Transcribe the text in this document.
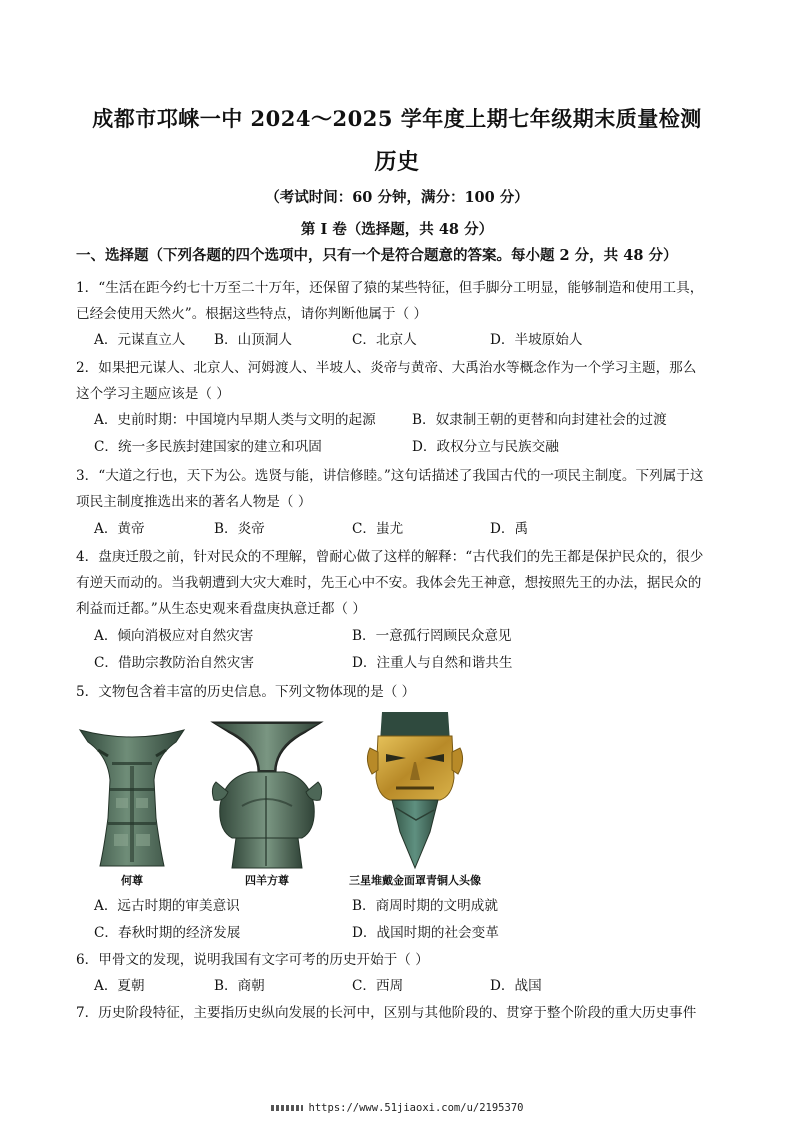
成都市邛崃一中 2024～2025 学年度上期七年级期末质量检测
历史
（考试时间：60 分钟，满分：100 分）
第 I 卷（选择题，共 48 分）
一、选择题（下列各题的四个选项中，只有一个是符合题意的答案。每小题 2 分，共 48 分）
1．“生活在距今约七十万至二十万年，还保留了猿的某些特征，但手脚分工明显，能够制造和使用工具，
已经会使用天然火”。根据这些特点，请你判断他属于（ ）
A．元谋直立人 B．山顶洞人	C．北京人	D．半坡原始人
2．如果把元谋人、北京人、河姆渡人、半坡人、炎帝与黄帝、大禹治水等概念作为一个学习主题，那么
这个学习主题应该是（ ）
A．史前时期：中国境内早期人类与文明的起源	B．奴隶制王朝的更替和向封建社会的过渡
C．统一多民族封建国家的建立和巩固	D．政权分立与民族交融
3．“大道之行也，天下为公。选贤与能，讲信修睦。”这句话描述了我国古代的一项民主制度。下列属于这
项民主制度推选出来的著名人物是（ ）
A．黄帝	B．炎帝	C．蚩尤	D．禹
4．盘庚迁殷之前，针对民众的不理解，曾耐心做了这样的解释：“古代我们的先王都是保护民众的，很少
有逆天而动的。当我朝遭到大灾大难时，先王心中不安。我体会先王神意，想按照先王的办法，据民众的
利益而迁都。”从生态史观来看盘庚执意迁都（ ）
A．倾向消极应对自然灾害	B．一意孤行罔顾民众意见
C．借助宗教防治自然灾害	D．注重人与自然和谐共生
5．文物包含着丰富的历史信息。下列文物体现的是（ ）
何尊	四羊方尊	三星堆戴金面罩青铜人头像
A．远古时期的审美意识	B．商周时期的文明成就
C．春秋时期的经济发展	D．战国时期的社会变革
6．甲骨文的发现，说明我国有文字可考的历史开始于（ ）
A．夏朝	B．商朝	C．西周	D．战国
7．历史阶段特征，主要指历史纵向发展的长河中，区别与其他阶段的、贯穿于整个阶段的重大历史事件
https://www.51jiaoxi.com/u/2195370
